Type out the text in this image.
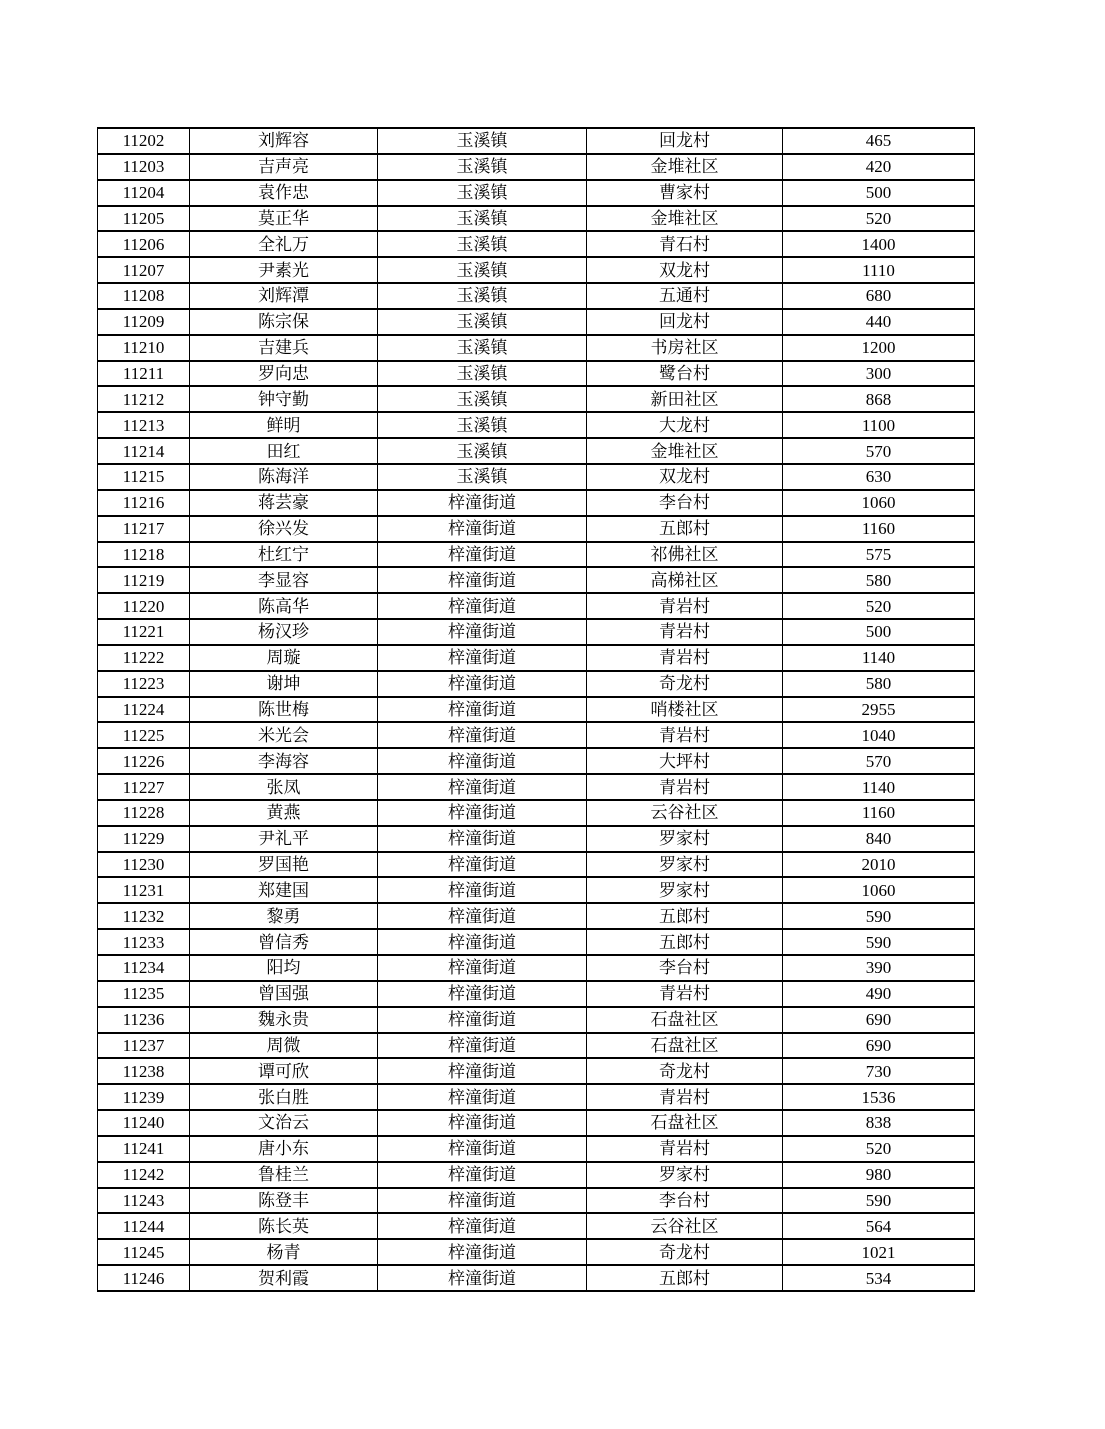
11202	刘辉容	玉溪镇	回龙村	465
11203	吉声亮	玉溪镇	金堆社区	420
11204	袁作忠	玉溪镇	曹家村	500
11205	莫正华	玉溪镇	金堆社区	520
11206	全礼万	玉溪镇	青石村	1400
11207	尹素光	玉溪镇	双龙村	1110
11208	刘辉潭	玉溪镇	五通村	680
11209	陈宗保	玉溪镇	回龙村	440
11210	吉建兵	玉溪镇	书房社区	1200
11211	罗向忠	玉溪镇	鹭台村	300
11212	钟守勤	玉溪镇	新田社区	868
11213	鲜明	玉溪镇	大龙村	1100
11214	田红	玉溪镇	金堆社区	570
11215	陈海洋	玉溪镇	双龙村	630
11216	蒋芸豪	梓潼街道	李台村	1060
11217	徐兴发	梓潼街道	五郎村	1160
11218	杜红宁	梓潼街道	祁佛社区	575
11219	李显容	梓潼街道	高梯社区	580
11220	陈高华	梓潼街道	青岩村	520
11221	杨汉珍	梓潼街道	青岩村	500
11222	周璇	梓潼街道	青岩村	1140
11223	谢坤	梓潼街道	奇龙村	580
11224	陈世梅	梓潼街道	哨楼社区	2955
11225	米光会	梓潼街道	青岩村	1040
11226	李海容	梓潼街道	大坪村	570
11227	张凤	梓潼街道	青岩村	1140
11228	黄燕	梓潼街道	云谷社区	1160
11229	尹礼平	梓潼街道	罗家村	840
11230	罗国艳	梓潼街道	罗家村	2010
11231	郑建国	梓潼街道	罗家村	1060
11232	黎勇	梓潼街道	五郎村	590
11233	曾信秀	梓潼街道	五郎村	590
11234	阳均	梓潼街道	李台村	390
11235	曾国强	梓潼街道	青岩村	490
11236	魏永贵	梓潼街道	石盘社区	690
11237	周微	梓潼街道	石盘社区	690
11238	谭可欣	梓潼街道	奇龙村	730
11239	张白胜	梓潼街道	青岩村	1536
11240	文治云	梓潼街道	石盘社区	838
11241	唐小东	梓潼街道	青岩村	520
11242	鲁桂兰	梓潼街道	罗家村	980
11243	陈登丰	梓潼街道	李台村	590
11244	陈长英	梓潼街道	云谷社区	564
11245	杨青	梓潼街道	奇龙村	1021
11246	贺利霞	梓潼街道	五郎村	534
